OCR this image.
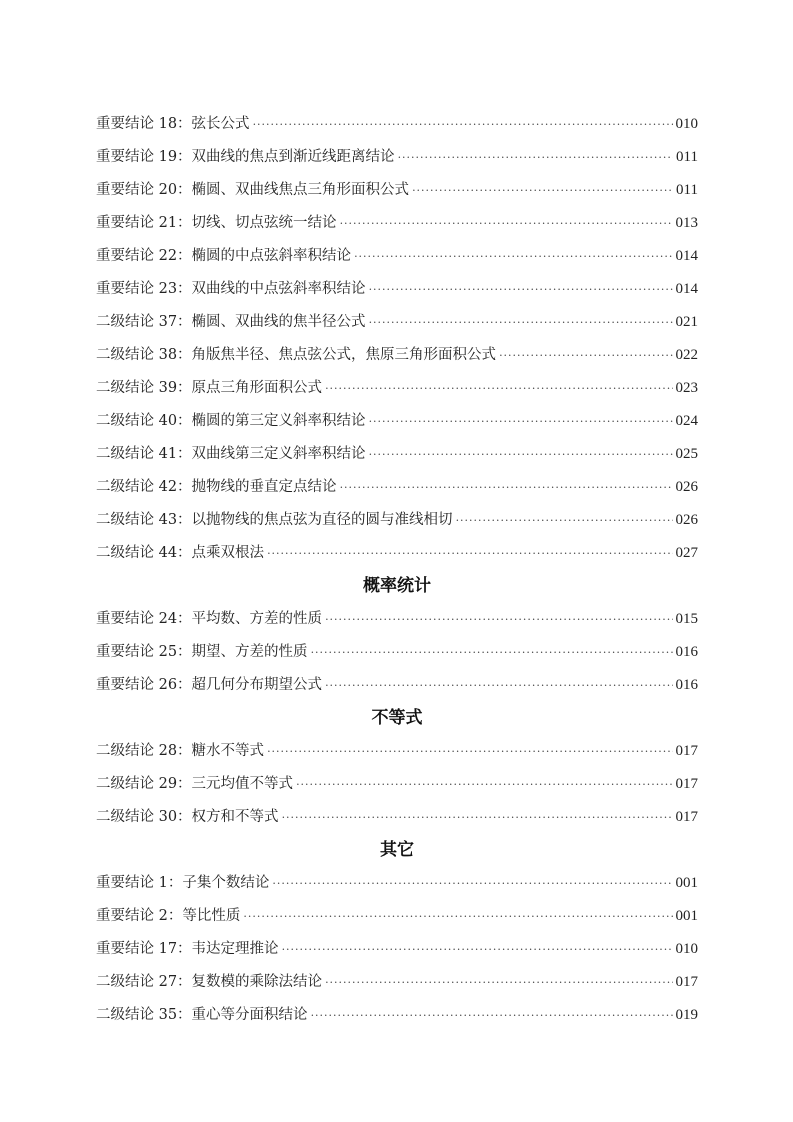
重要结论 18：弦长公式 ·····	010
重要结论 19：双曲线的焦点到渐近线距离结论 ·····	011
重要结论 20：椭圆、双曲线焦点三角形面积公式 ·····	011
重要结论 21：切线、切点弦统一结论 ·····	013
重要结论 22：椭圆的中点弦斜率积结论 ·····	014
重要结论 23：双曲线的中点弦斜率积结论 ·····	014
二级结论 37：椭圆、双曲线的焦半径公式 ·····	021
二级结论 38：角版焦半径、焦点弦公式，焦原三角形面积公式 ·····	022
二级结论 39：原点三角形面积公式 ·····	023
二级结论 40：椭圆的第三定义斜率积结论 ·····	024
二级结论 41：双曲线第三定义斜率积结论 ·····	025
二级结论 42：抛物线的垂直定点结论 ·····	026
二级结论 43：以抛物线的焦点弦为直径的圆与准线相切 ·····	026
二级结论 44：点乘双根法 ·····	027
概率统计
重要结论 24：平均数、方差的性质 ·····	015
重要结论 25：期望、方差的性质 ·····	016
重要结论 26：超几何分布期望公式 ·····	016
不等式
二级结论 28：糖水不等式 ·····	017
二级结论 29：三元均值不等式 ·····	017
二级结论 30：权方和不等式 ·····	017
其它
重要结论 1：子集个数结论 ·····	001
重要结论 2：等比性质 ·····	001
重要结论 17：韦达定理推论 ·····	010
二级结论 27：复数模的乘除法结论 ·····	017
二级结论 35：重心等分面积结论 ·····	019
